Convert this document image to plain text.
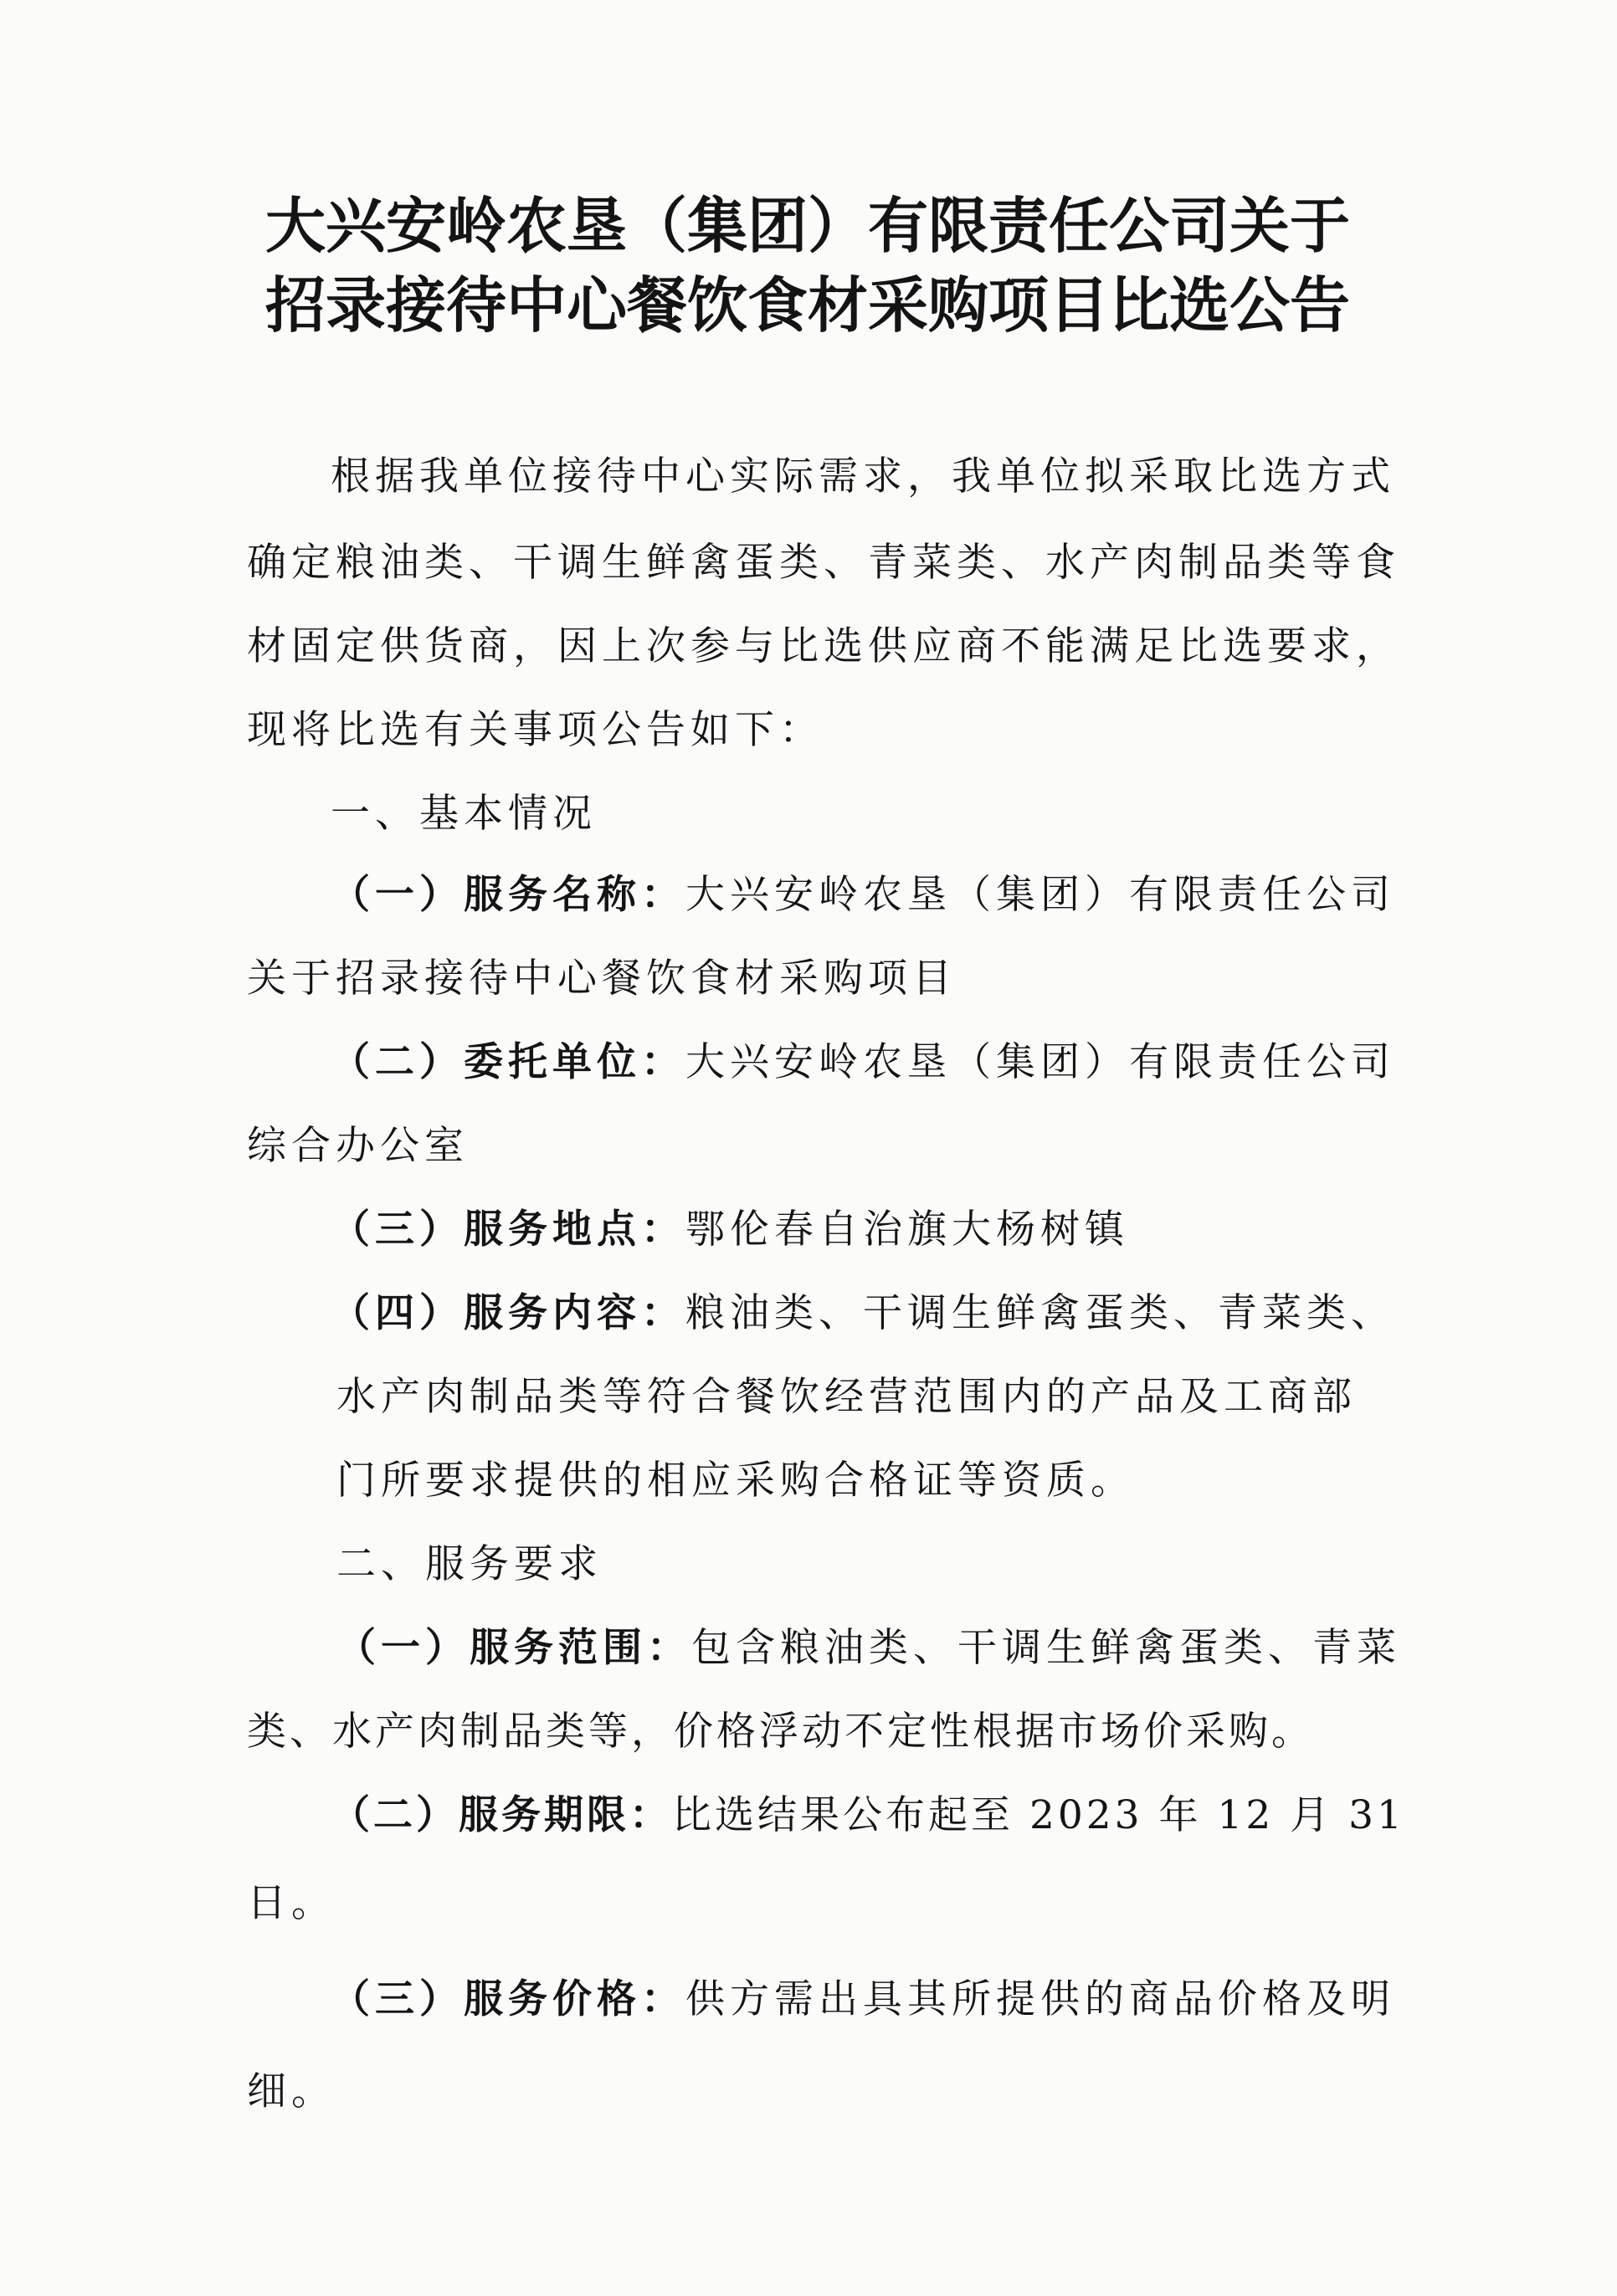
大兴安岭农垦（集团）有限责任公司关于
招录接待中心餐饮食材采购项目比选公告
根据我单位接待中心实际需求，我单位拟采取比选方式
确定粮油类、干调生鲜禽蛋类、青菜类、水产肉制品类等食
材固定供货商，因上次参与比选供应商不能满足比选要求，
现将比选有关事项公告如下：
一、基本情况
（一）服务名称：大兴安岭农垦（集团）有限责任公司
关于招录接待中心餐饮食材采购项目
（二）委托单位：大兴安岭农垦（集团）有限责任公司
综合办公室
（三）服务地点：鄂伦春自治旗大杨树镇
（四）服务内容：粮油类、干调生鲜禽蛋类、青菜类、
水产肉制品类等符合餐饮经营范围内的产品及工商部
门所要求提供的相应采购合格证等资质。
二、服务要求
（一）服务范围：包含粮油类、干调生鲜禽蛋类、青菜
类、水产肉制品类等，价格浮动不定性根据市场价采购。
（二）服务期限：比选结果公布起至 2023 年 12 月 31
日。
（三）服务价格：供方需出具其所提供的商品价格及明
细。
